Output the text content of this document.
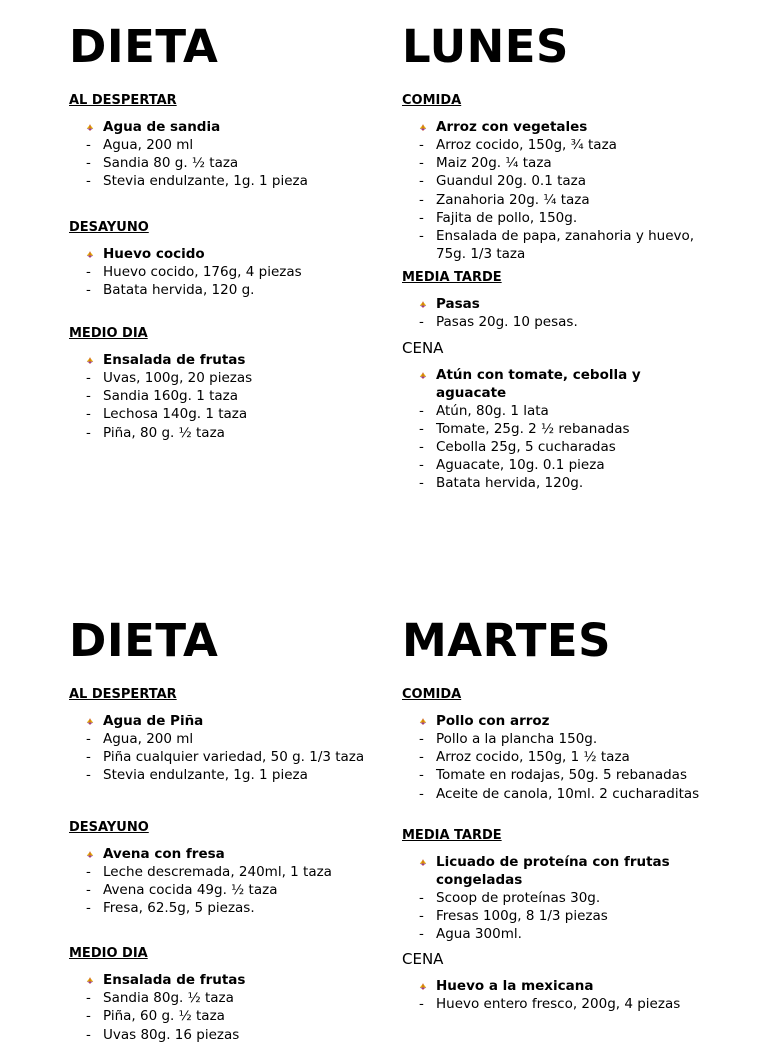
DIETA

AL DESPERTAR

Agua de sandia

- Agua, 200 ml
- Sandia 80 g. ½ taza
- Stevia endulzante, 1g. 1 pieza

DESAYUNO

Huevo cocido

- Huevo cocido, 176g, 4 piezas
- Batata hervida, 120 g.

MEDIO DIA

Ensalada de frutas

- Uvas, 100g, 20 piezas
- Sandia 160g. 1 taza
- Lechosa 140g. 1 taza
- Piña, 80 g. ½ taza
LUNES

COMIDA

Arroz con vegetales

- Arroz cocido, 150g, ¾ taza
- Maiz 20g. ¼ taza
- Guandul 20g. 0.1 taza
- Zanahoria 20g. ¼ taza
- Fajita de pollo, 150g.
- Ensalada de papa, zanahoria y huevo, 75g. 1/3 taza

MEDIA TARDE

Pasas

- Pasas 20g. 10 pesas.

CENA

Atún con tomate, cebolla y aguacate

- Atún, 80g. 1 lata
- Tomate, 25g. 2 ½ rebanadas
- Cebolla 25g, 5 cucharadas
- Aguacate, 10g. 0.1 pieza
- Batata hervida, 120g.
DIETA

AL DESPERTAR

Agua de Piña

- Agua, 200 ml
- Piña cualquier variedad, 50 g. 1/3 taza
- Stevia endulzante, 1g. 1 pieza

DESAYUNO

Avena con fresa

- Leche descremada, 240ml, 1 taza
- Avena cocida 49g. ½ taza
- Fresa, 62.5g, 5 piezas.

MEDIO DIA

Ensalada de frutas

- Sandia 80g. ½ taza
- Piña, 60 g. ½ taza
- Uvas 80g. 16 piezas
MARTES

COMIDA

Pollo con arroz

- Pollo a la plancha 150g.
- Arroz cocido, 150g, 1 ½ taza
- Tomate en rodajas, 50g. 5 rebanadas
- Aceite de canola, 10ml. 2 cucharaditas

MEDIA TARDE

Licuado de proteína con frutas congeladas

- Scoop de proteínas 30g.
- Fresas 100g, 8 1/3 piezas
- Agua 300ml.

CENA

Huevo a la mexicana

- Huevo entero fresco, 200g, 4 piezas
